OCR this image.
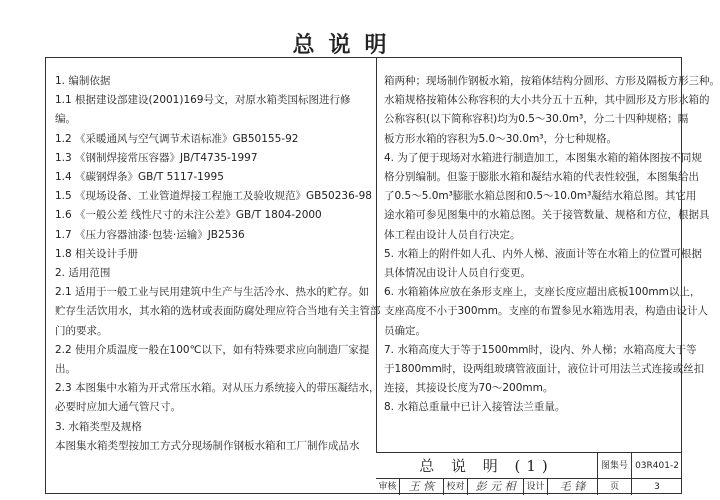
总说明
1. 编制依据
1.1 根据建设部建设(2001)169号文，对原水箱类国标图进行修
编。
1.2 《采暖通风与空气调节术语标准》GB50155-92
1.3 《钢制焊接常压容器》JB/T4735-1997
1.4 《碳钢焊条》GB/T 5117-1995
1.5 《现场设备、工业管道焊接工程施工及验收规范》GB50236-98
1.6 《一般公差 线性尺寸的未注公差》GB/T 1804-2000
1.7 《压力容器油漆·包装·运输》JB2536
1.8 相关设计手册
2. 适用范围
2.1 适用于一般工业与民用建筑中生产与生活冷水、热水的贮存。如
贮存生活饮用水，其水箱的选材或表面防腐处理应符合当地有关主管部
门的要求。
2.2 使用介质温度一般在100℃以下，如有特殊要求应向制造厂家提
出。
2.3 本图集中水箱为开式常压水箱。对从压力系统接入的带压凝结水，
必要时应加大通气管尺寸。
3. 水箱类型及规格
本图集水箱类型按加工方式分现场制作钢板水箱和工厂制作成品水
箱两种；现场制作钢板水箱，按箱体结构分圆形、方形及隔板方形三种。
水箱规格按箱体公称容积的大小共分五十五种，其中圆形及方形水箱的
公称容积(以下简称容积)均为0.5～30.0m³，分二十四种规格；隔
板方形水箱的容积为5.0～30.0m³，分七种规格。
4. 为了便于现场对水箱进行制造加工，本图集水箱的箱体图按不同规
格分别编制。但鉴于膨胀水箱和凝结水箱的代表性较强，本图集给出
了0.5～5.0m³膨胀水箱总图和0.5～10.0m³凝结水箱总图。其它用
途水箱可参见图集中的水箱总图。关于接管数量、规格和方位，根据具
体工程由设计人员自行决定。
5. 水箱上的附件如人孔、内外人梯、液面计等在水箱上的位置可根据
具体情况由设计人员自行变更。
6. 水箱箱体应放在条形支座上，支座长度应超出底板100mm以上，
支座高度不小于300mm。支座的布置参见水箱选用表，构造由设计人
员确定。
7. 水箱高度大于等于1500mm时，设内、外人梯；水箱高度大于等
于1800mm时，设两组玻璃管液面计，液位计可用法兰式连接或丝扣
连接，其接设长度为70～200mm。
8. 水箱总重量中已计入接管法兰重量。
总 说 明 (1)	图集号 03R401-2
审核	王 恢	校对	彭 元 相	设计	毛 锋	页	3
